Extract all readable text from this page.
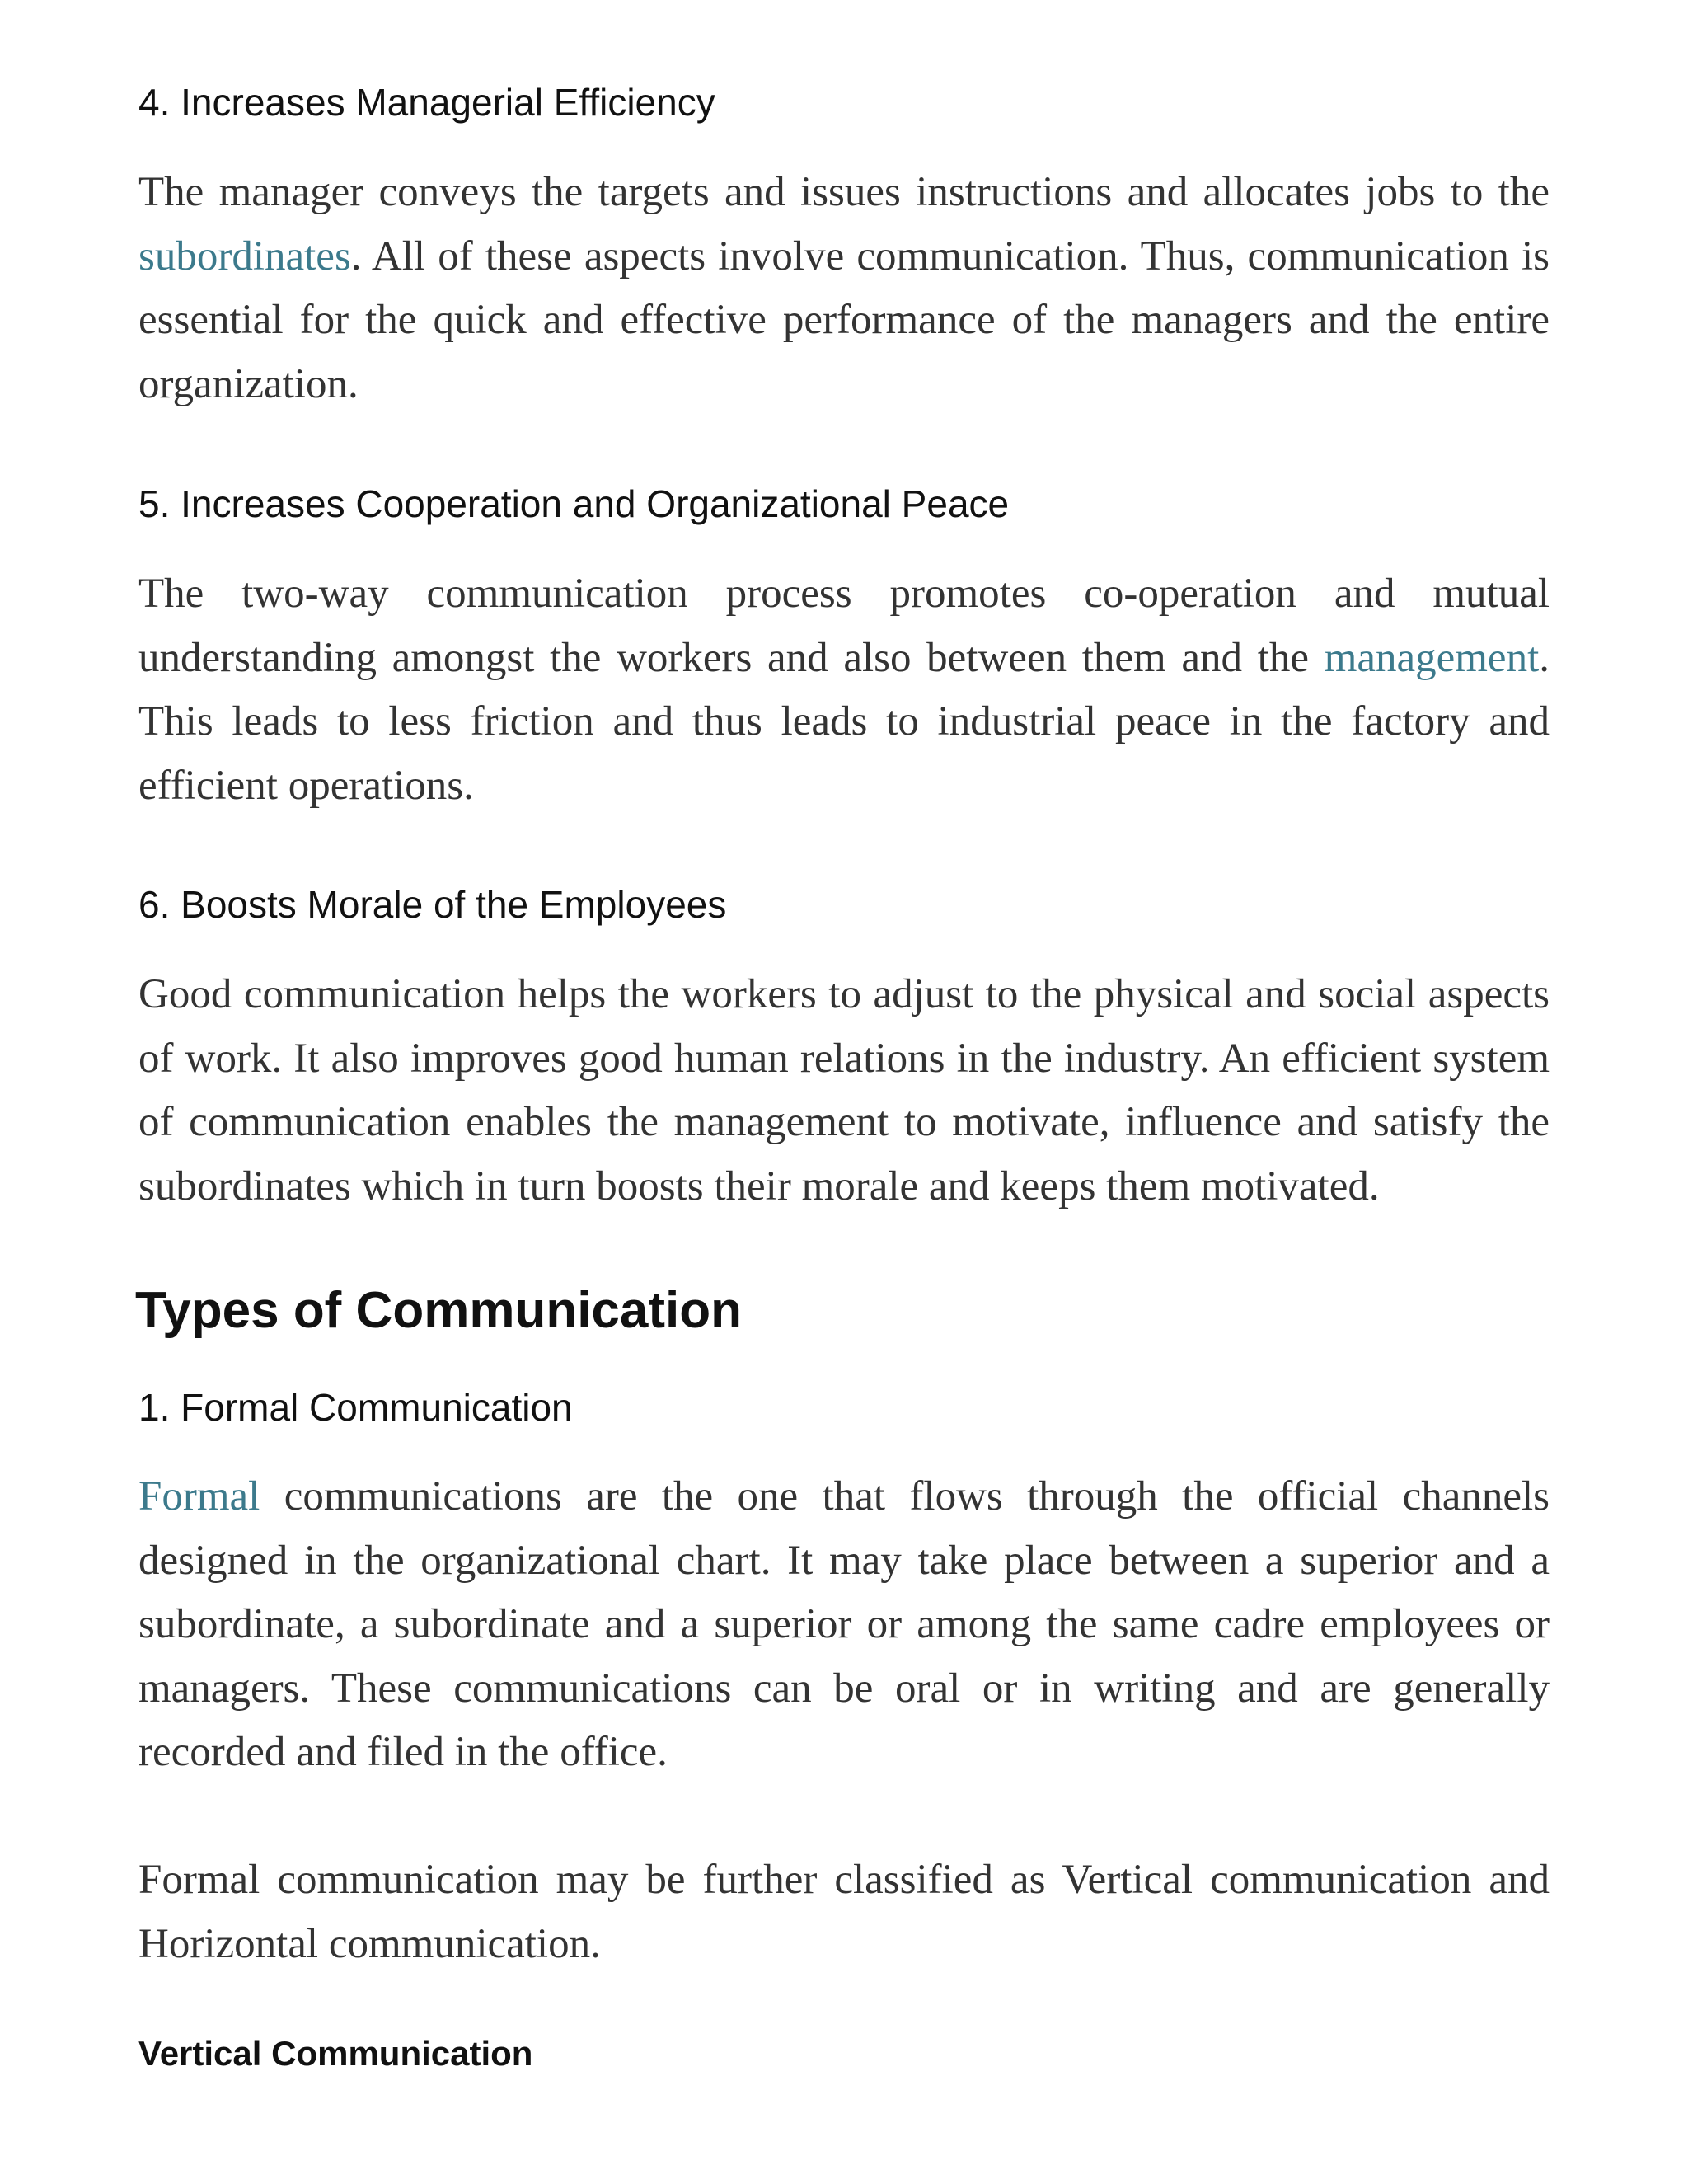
4. Increases Managerial Efficiency

The manager conveys the targets and issues instructions and allocates jobs to the subordinates. All of these aspects involve communication. Thus, communication is essential for the quick and effective performance of the managers and the entire organization.

5. Increases Cooperation and Organizational Peace

The two-way communication process promotes co-operation and mutual understanding amongst the workers and also between them and the management. This leads to less friction and thus leads to industrial peace in the factory and efficient operations.

6. Boosts Morale of the Employees

Good communication helps the workers to adjust to the physical and social aspects of work. It also improves good human relations in the industry. An efficient system of communication enables the management to motivate, influence and satisfy the subordinates which in turn boosts their morale and keeps them motivated.

Types of Communication
1. Formal Communication

Formal communications are the one that flows through the official channels designed in the organizational chart. It may take place between a superior and a subordinate, a subordinate and a superior or among the same cadre employees or managers. These communications can be oral or in writing and are generally recorded and filed in the office.

Formal communication may be further classified as Vertical communication and Horizontal communication.

Vertical Communication
